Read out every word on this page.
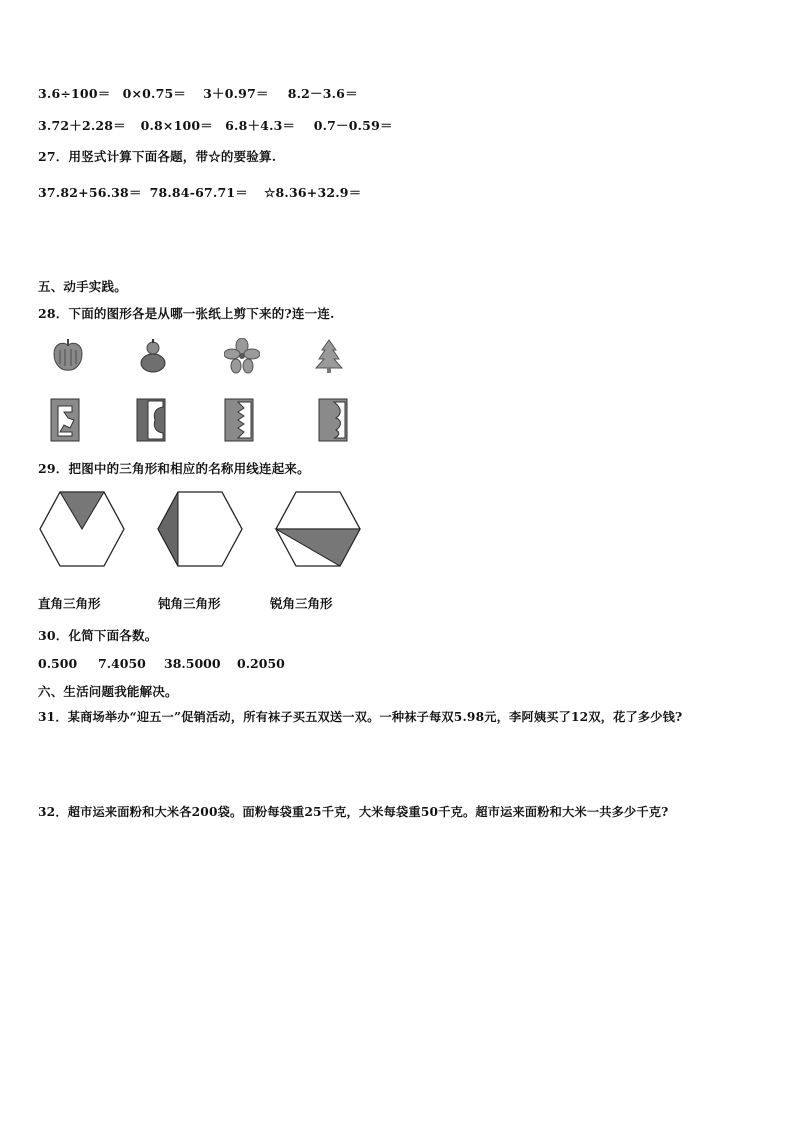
3.6÷100＝ 0×0.75＝ 3＋0.97＝ 8.2－3.6＝
3.72＋2.28＝ 0.8×100＝ 6.8＋4.3＝ 0.7－0.59＝
27．用竖式计算下面各题，带☆的要验算.
37.82+56.38＝ 78.84-67.71＝ ☆8.36+32.9＝
五、动手实践。
28．下面的图形各是从哪一张纸上剪下来的?连一连.
29．把图中的三角形和相应的名称用线连起来。
直角三角形	钝角三角形	锐角三角形
30．化简下面各数。
0.500 7.4050 38.5000 0.2050
六、生活问题我能解决。
31．某商场举办“迎五一”促销活动，所有袜子买五双送一双。一种袜子每双5.98元，李阿姨买了12双，花了多少钱?
32．超市运来面粉和大米各200袋。面粉每袋重25千克，大米每袋重50千克。超市运来面粉和大米一共多少千克?
